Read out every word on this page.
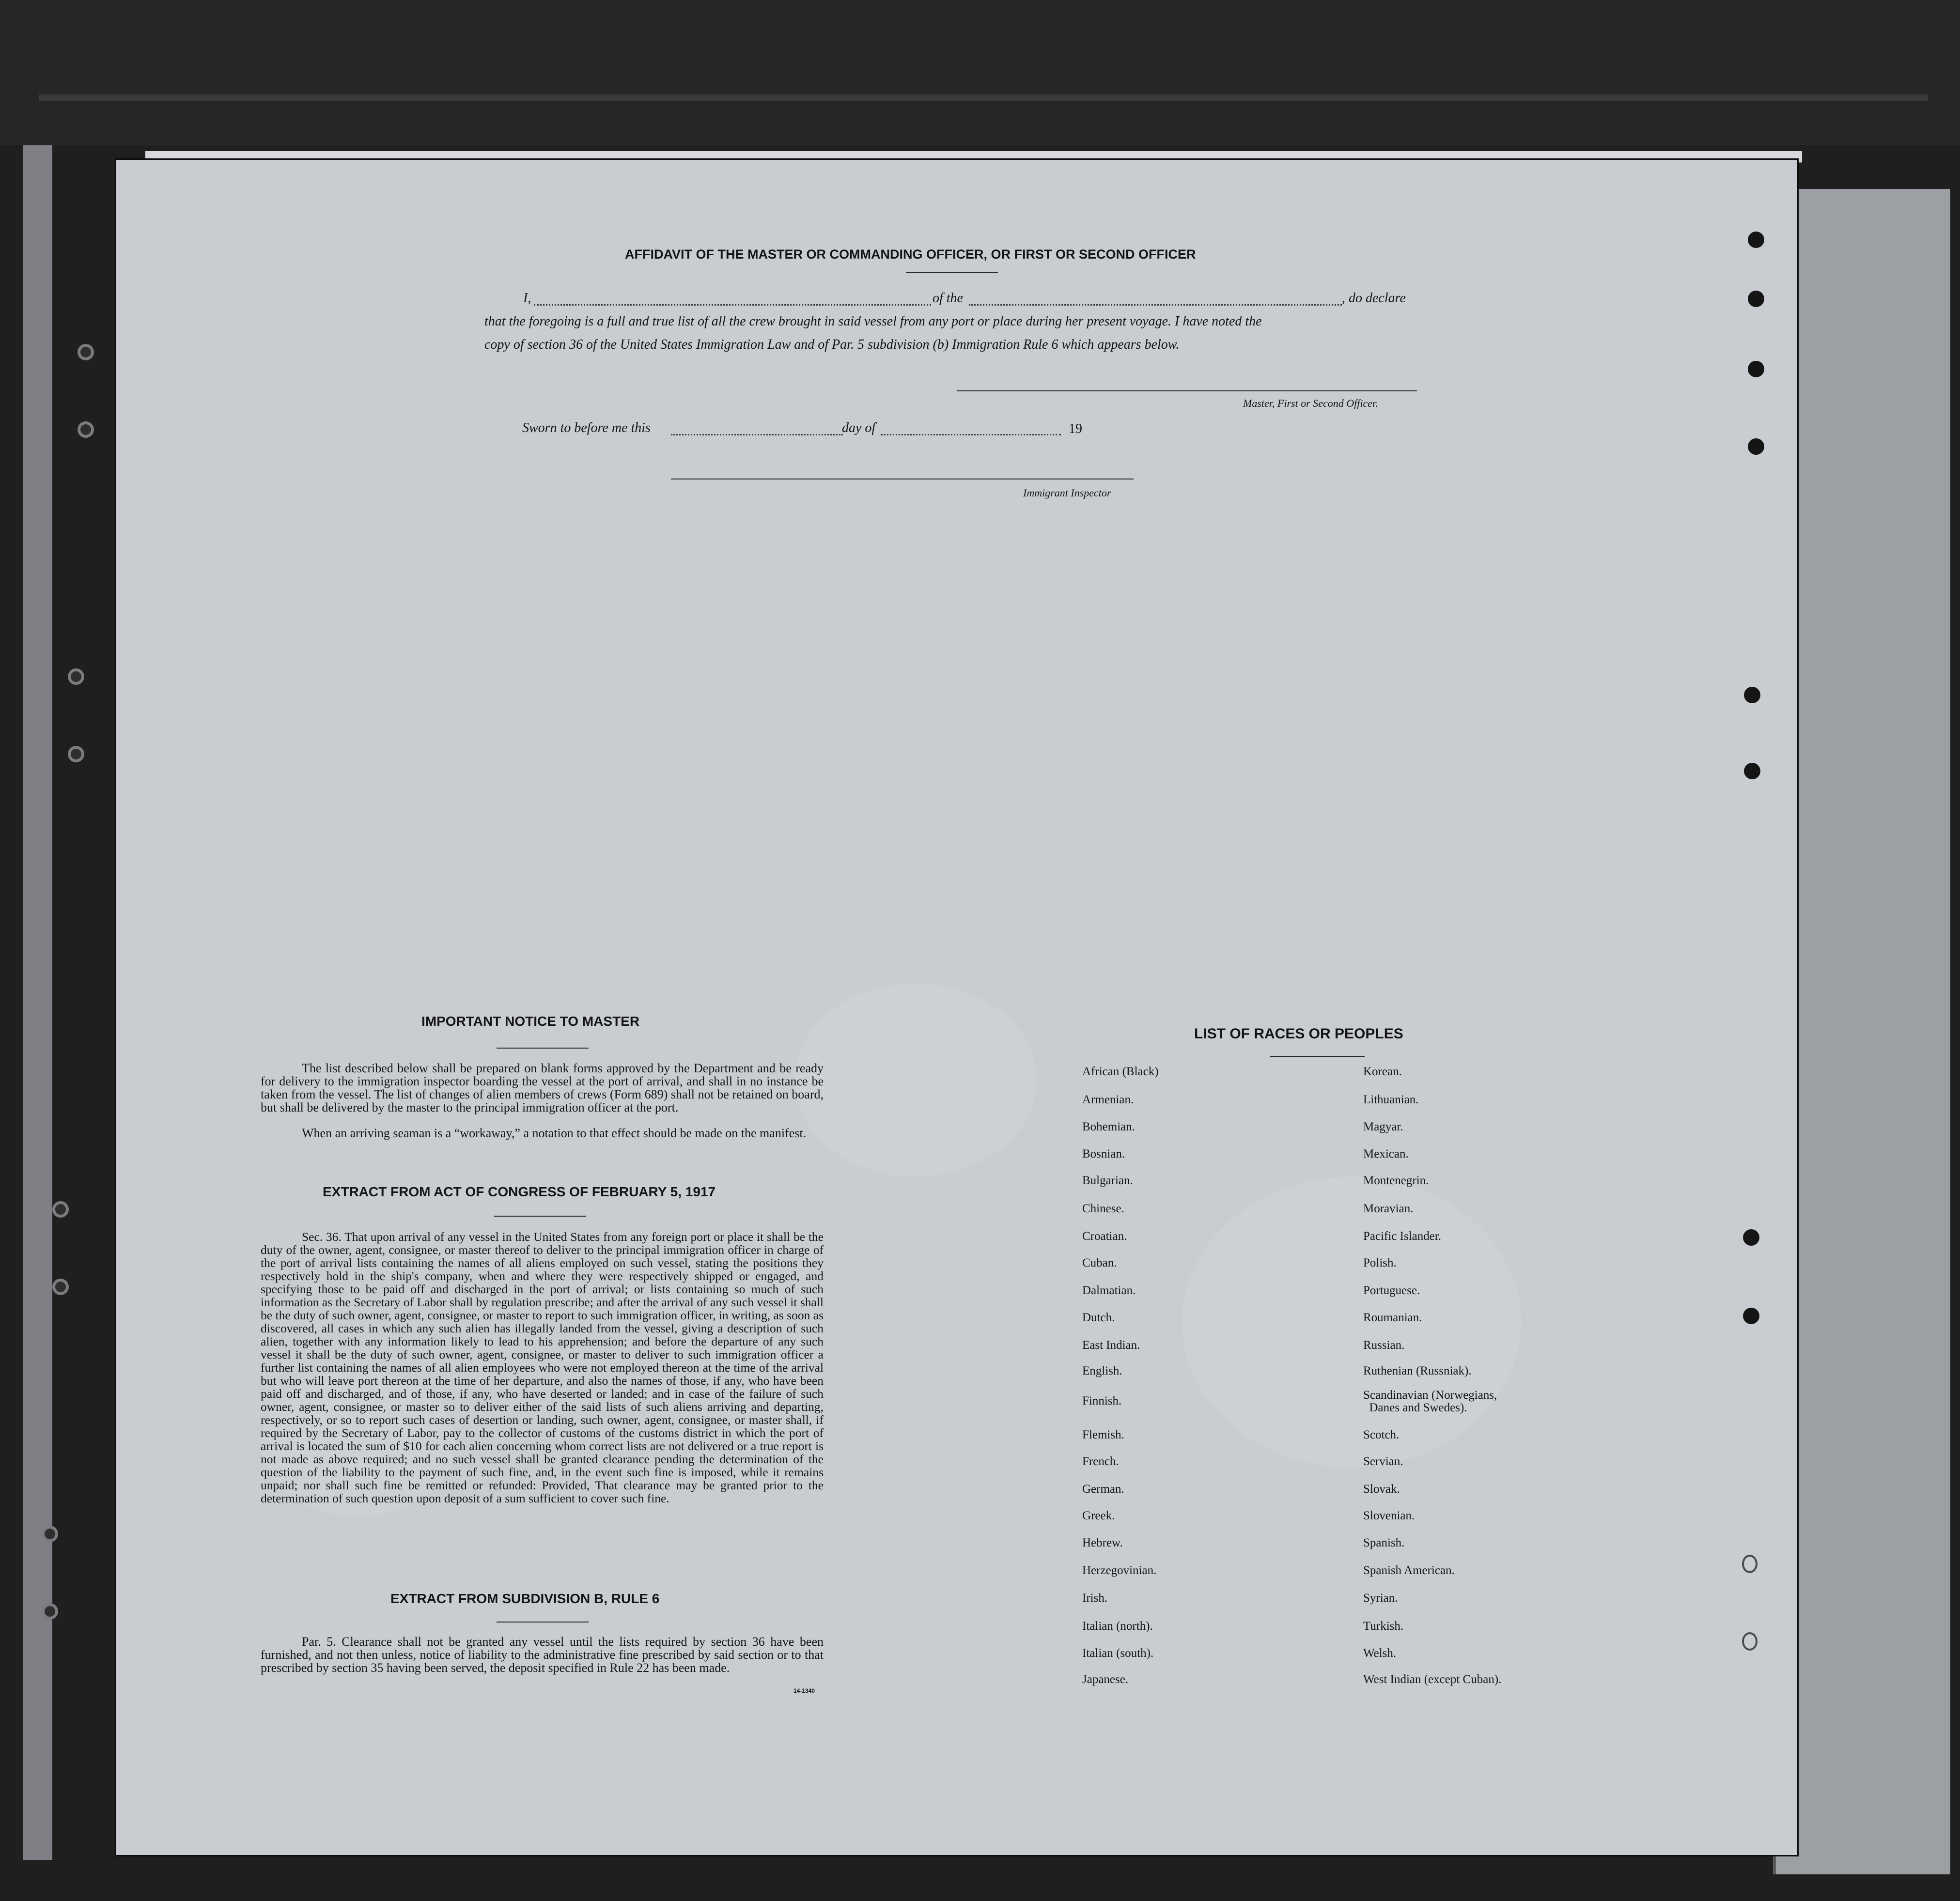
AFFIDAVIT OF THE MASTER OR COMMANDING OFFICER, OR FIRST OR SECOND OFFICER
I,	of the	, do declare
that the foregoing is a full and true list of all the crew brought in said vessel from any port or place during her present voyage. I have noted the
copy of section 36 of the United States Immigration Law and of Par. 5 subdivision (b) Immigration Rule 6 which appears below.
Master, First or Second Officer.
Sworn to before me this	day of	19
Immigrant Inspector
IMPORTANT NOTICE TO MASTER
The list described below shall be prepared on blank forms approved by the Department and be ready for delivery to the immigration inspector boarding the vessel at the port of arrival, and shall in no instance be taken from the vessel. The list of changes of alien members of crews (Form 689) shall not be retained on board, but shall be delivered by the master to the principal immigration officer at the port.
When an arriving seaman is a “workaway,” a notation to that effect should be made on the manifest.
EXTRACT FROM ACT OF CONGRESS OF FEBRUARY 5, 1917
Sec. 36. That upon arrival of any vessel in the United States from any foreign port or place it shall be the duty of the owner, agent, consignee, or master thereof to deliver to the principal immigration officer in charge of the port of arrival lists containing the names of all aliens employed on such vessel, stating the positions they respectively hold in the ship's company, when and where they were respectively shipped or engaged, and specifying those to be paid off and discharged in the port of arrival; or lists containing so much of such information as the Secretary of Labor shall by regulation prescribe; and after the arrival of any such vessel it shall be the duty of such owner, agent, consignee, or master to report to such immigration officer, in writing, as soon as discovered, all cases in which any such alien has illegally landed from the vessel, giving a description of such alien, together with any information likely to lead to his apprehension; and before the departure of any such vessel it shall be the duty of such owner, agent, consignee, or master to deliver to such immigration officer a further list containing the names of all alien employees who were not employed thereon at the time of the arrival but who will leave port thereon at the time of her departure, and also the names of those, if any, who have been paid off and discharged, and of those, if any, who have deserted or landed; and in case of the failure of such owner, agent, consignee, or master so to deliver either of the said lists of such aliens arriving and departing, respectively, or so to report such cases of desertion or landing, such owner, agent, consignee, or master shall, if required by the Secretary of Labor, pay to the collector of customs of the customs district in which the port of arrival is located the sum of $10 for each alien concerning whom correct lists are not delivered or a true report is not made as above required; and no such vessel shall be granted clearance pending the determination of the question of the liability to the payment of such fine, and, in the event such fine is imposed, while it remains unpaid; nor shall such fine be remitted or refunded: Provided, That clearance may be granted prior to the determination of such question upon deposit of a sum sufficient to cover such fine.
EXTRACT FROM SUBDIVISION B, RULE 6
Par. 5. Clearance shall not be granted any vessel until the lists required by section 36 have been furnished, and not then unless, notice of liability to the administrative fine prescribed by said section or to that prescribed by section 35 having been served, the deposit specified in Rule 22 has been made.
14-1340
LIST OF RACES OR PEOPLES
African (Black)
Armenian.
Bohemian.
Bosnian.
Bulgarian.
Chinese.
Croatian.
Cuban.
Dalmatian.
Dutch.
East Indian.
English.
Finnish.
Flemish.
French.
German.
Greek.
Hebrew.
Herzegovinian.
Irish.
Italian (north).
Italian (south).
Japanese.
Korean.
Lithuanian.
Magyar.
Mexican.
Montenegrin.
Moravian.
Pacific Islander.
Polish.
Portuguese.
Roumanian.
Russian.
Ruthenian (Russniak).
Scandinavian (Norwegians,
Danes and Swedes).
Scotch.
Servian.
Slovak.
Slovenian.
Spanish.
Spanish American.
Syrian.
Turkish.
Welsh.
West Indian (except Cuban).
